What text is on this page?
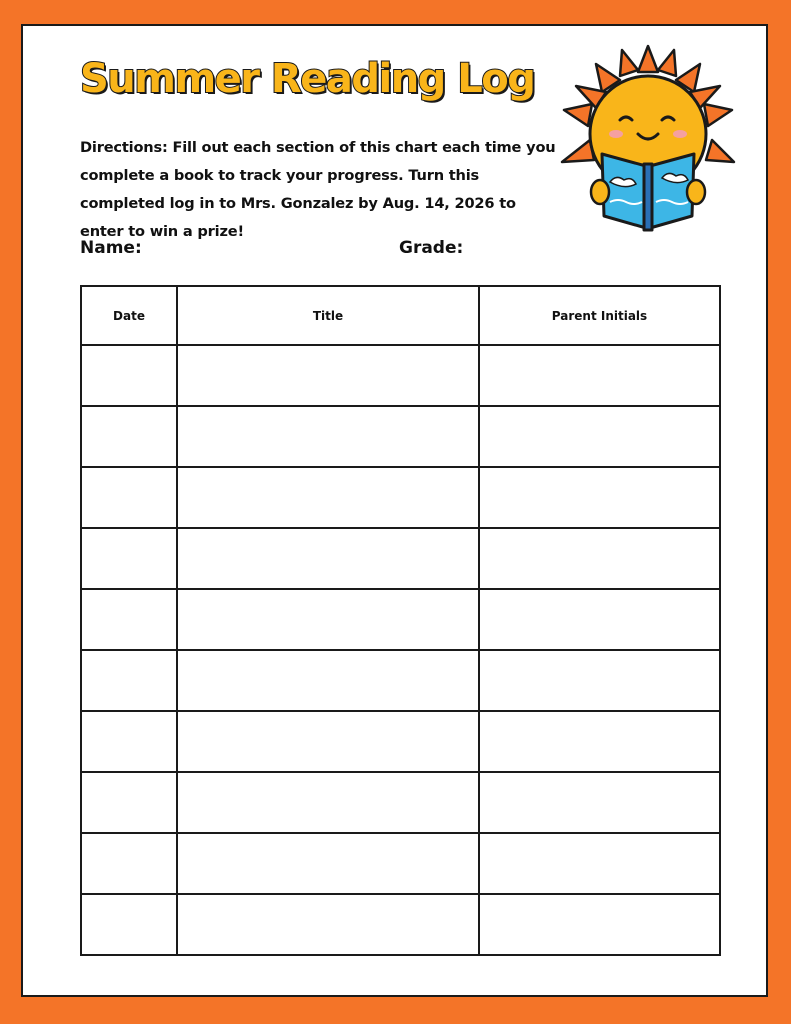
Summer Reading Log
Directions: Fill out each section of this chart each time you complete a book to track your progress. Turn this completed log in to Mrs. Gonzalez by Aug. 14, 2026 to enter to win a prize!
Name:	Grade:
Date	Title	Parent Initials
